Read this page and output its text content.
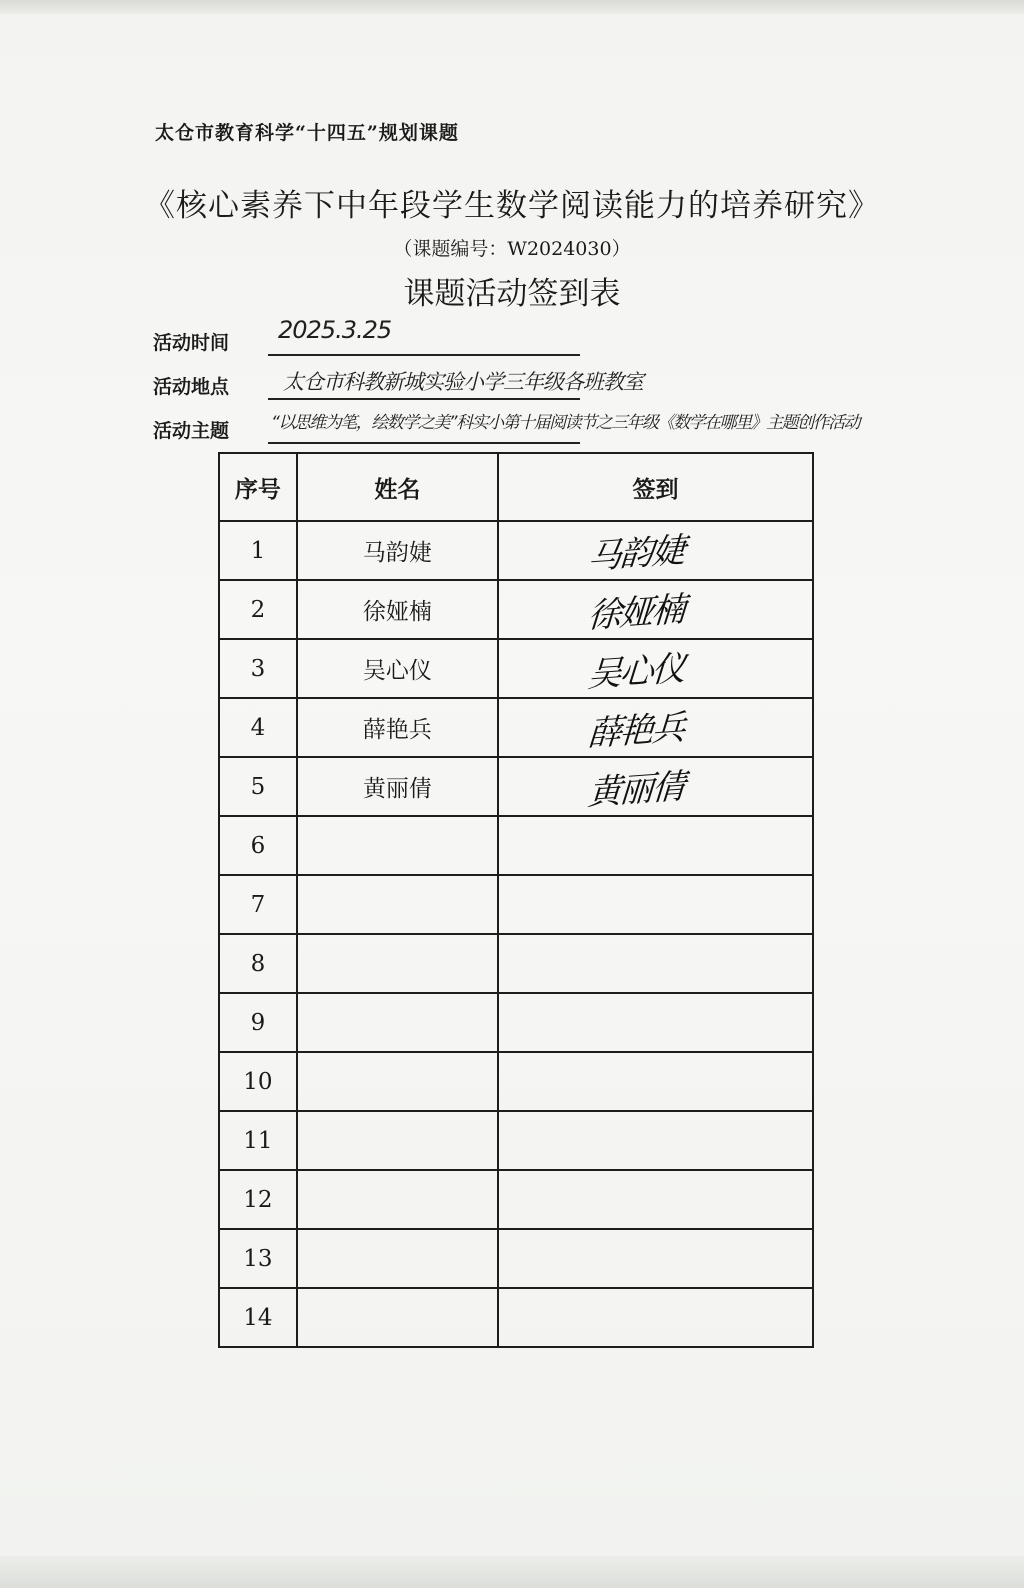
太仓市教育科学“十四五”规划课题
《核心素养下中年段学生数学阅读能力的培养研究》
（课题编号：W2024030）
课题活动签到表
活动时间 2025.3.25
活动地点	太仓市科教新城实验小学三年级各班教室
活动主题 “以思维为笔，绘数学之美”科实小第十届阅读节之三年级《数学在哪里》主题创作活动
序号	姓名	签到
1	马韵婕	马韵婕
2	徐娅楠	徐娅楠
3	吴心仪	吴心仪
4	薛艳兵	薛艳兵
5	黄丽倩	黄丽倩
6		
7		
8		
9		
10		
11		
12		
13		
14		
